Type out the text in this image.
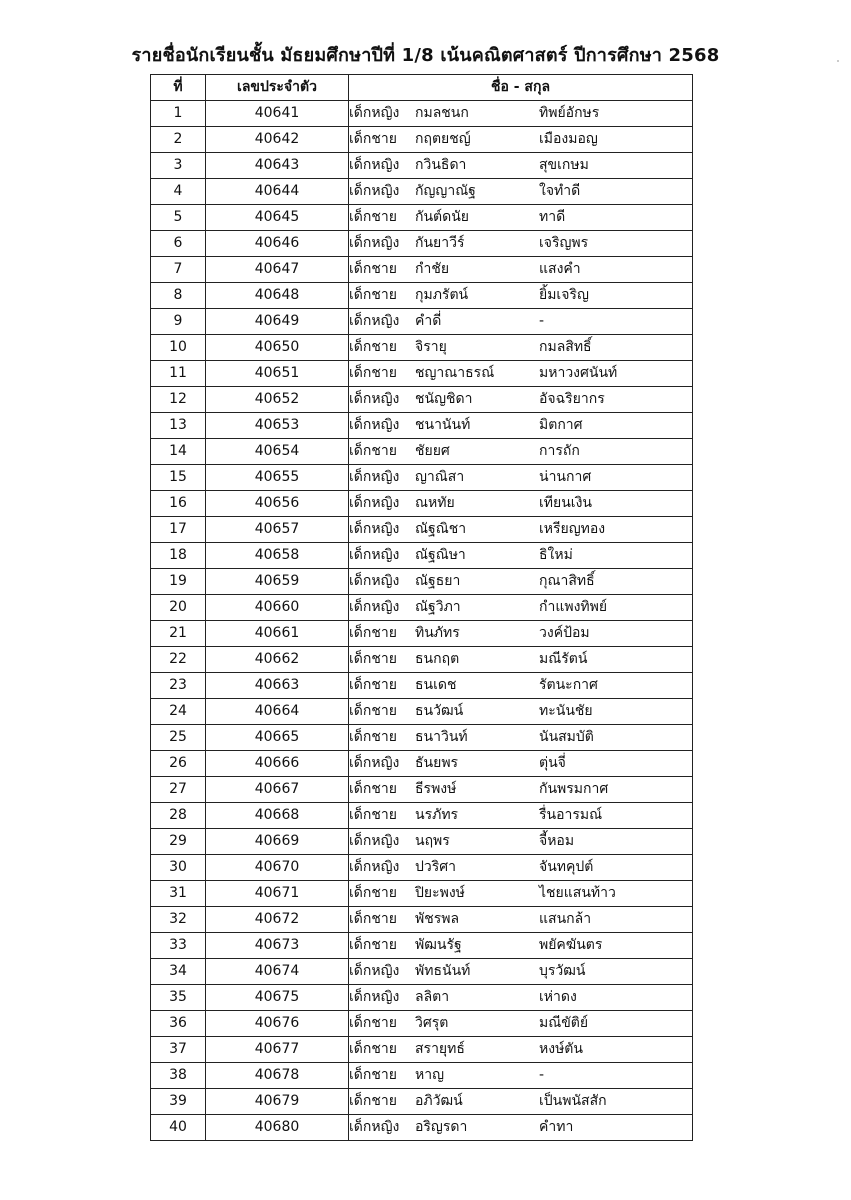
รายชื่อนักเรียนชั้น มัธยมศึกษาปีที่ 1/8 เน้นคณิตศาสตร์ ปีการศึกษา 2568
ที่	เลขประจำตัว	ชื่อ - สกุล
1	40641	เด็กหญิง กมลชนก ทิพย์อักษร
2	40642	เด็กชาย กฤตยชญ์ เมืองมอญ
3	40643	เด็กหญิง กวินธิดา สุขเกษม
4	40644	เด็กหญิง กัญญาณัฐ ใจทำดี
5	40645	เด็กชาย กันต์ดนัย ทาดี
6	40646	เด็กหญิง กันยาวีร์ เจริญพร
7	40647	เด็กชาย กำชัย แสงคำ
8	40648	เด็กชาย กุมภรัตน์ ยิ้มเจริญ
9	40649	เด็กหญิง คำดี่ -
10	40650	เด็กชาย จิรายุ กมลสิทธิ์
11	40651	เด็กชาย ชญาณาธรณ์ มหาวงศนันท์
12	40652	เด็กหญิง ชนัญชิดา อัจฉริยากร
13	40653	เด็กหญิง ชนานันท์ มิตกาศ
14	40654	เด็กชาย ชัยยศ การถัก
15	40655	เด็กหญิง ญาณิสา น่านกาศ
16	40656	เด็กหญิง ณหทัย เทียนเงิน
17	40657	เด็กหญิง ณัฐณิชา เหรียญทอง
18	40658	เด็กหญิง ณัฐณิษา ธิใหม่
19	40659	เด็กหญิง ณัฐธยา กุณาสิทธิ์
20	40660	เด็กหญิง ณัฐวิภา กำแพงทิพย์
21	40661	เด็กชาย ทินภัทร วงค์ป้อม
22	40662	เด็กชาย ธนกฤต มณีรัตน์
23	40663	เด็กชาย ธนเดช รัตนะกาศ
24	40664	เด็กชาย ธนวัฒน์ ทะนันชัย
25	40665	เด็กชาย ธนาวินท์ นันสมบัติ
26	40666	เด็กหญิง ธันยพร ตุ่นจี่
27	40667	เด็กชาย ธีรพงษ์ กันพรมกาศ
28	40668	เด็กชาย นรภัทร รื่นอารมณ์
29	40669	เด็กหญิง นฤพร จี้หอม
30	40670	เด็กหญิง ปวริศา จันทคุปต์
31	40671	เด็กชาย ปิยะพงษ์ ไชยแสนท้าว
32	40672	เด็กชาย พัชรพล แสนกล้า
33	40673	เด็กชาย พัฒนรัฐ พยัคฆันตร
34	40674	เด็กหญิง พัทธนันท์ บุรวัฒน์
35	40675	เด็กหญิง ลลิตา เห่าดง
36	40676	เด็กชาย วิศรุต มณีขัติย์
37	40677	เด็กชาย สรายุทธ์ หงษ์ตัน
38	40678	เด็กชาย หาญ -
39	40679	เด็กชาย อภิวัฒน์ เป็นพนัสสัก
40	40680	เด็กหญิง อริญรดา คำทา
